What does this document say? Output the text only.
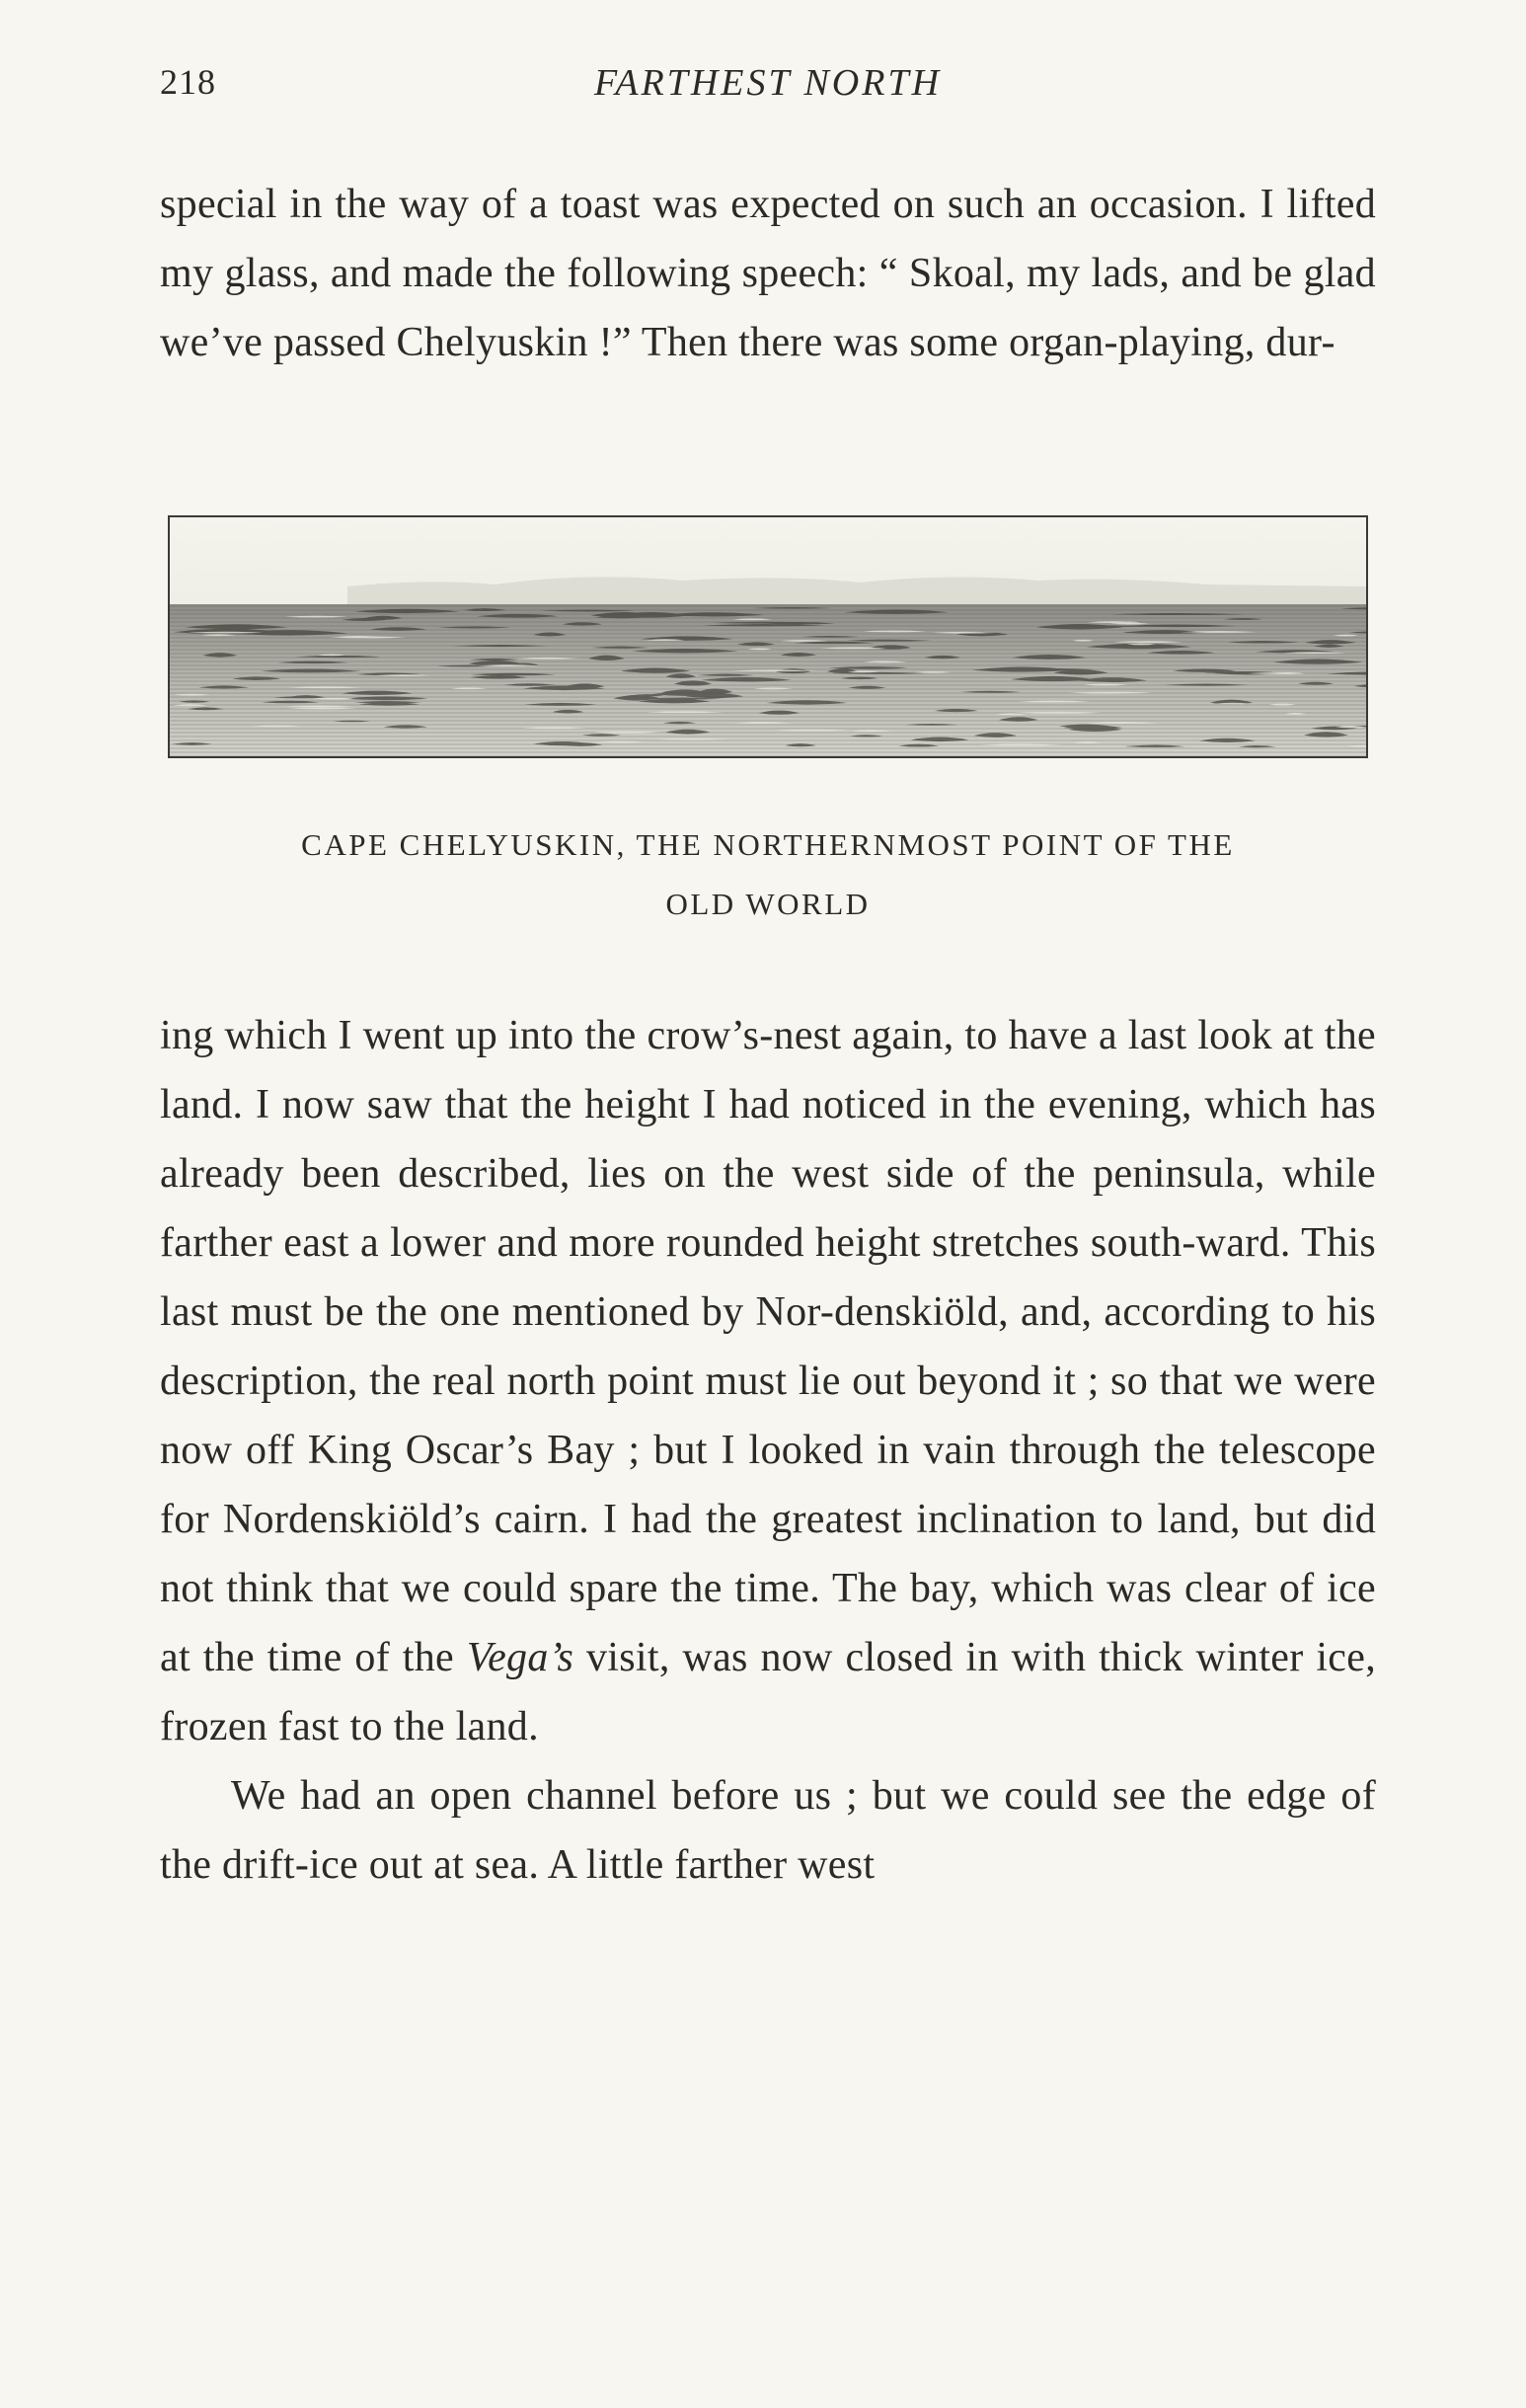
218	FARTHEST NORTH

special in the way of a toast was expected on such an occasion. I lifted my glass, and made the following speech: “ Skoal, my lads, and be glad we’ve passed Chelyuskin !” Then there was some organ-playing, dur-

CAPE CHELYUSKIN, THE NORTHERNMOST POINT OF THE
OLD WORLD

ing which I went up into the crow’s-nest again, to have a last look at the land. I now saw that the height I had noticed in the evening, which has already been described, lies on the west side of the peninsula, while farther east a lower and more rounded height stretches south-ward. This last must be the one mentioned by Nor-denskiöld, and, according to his description, the real north point must lie out beyond it ; so that we were now off King Oscar’s Bay ; but I looked in vain through the telescope for Nordenskiöld’s cairn. I had the greatest inclination to land, but did not think that we could spare the time. The bay, which was clear of ice at the time of the Vega’s visit, was now closed in with thick winter ice, frozen fast to the land.

We had an open channel before us ; but we could see the edge of the drift-ice out at sea. A little farther west
